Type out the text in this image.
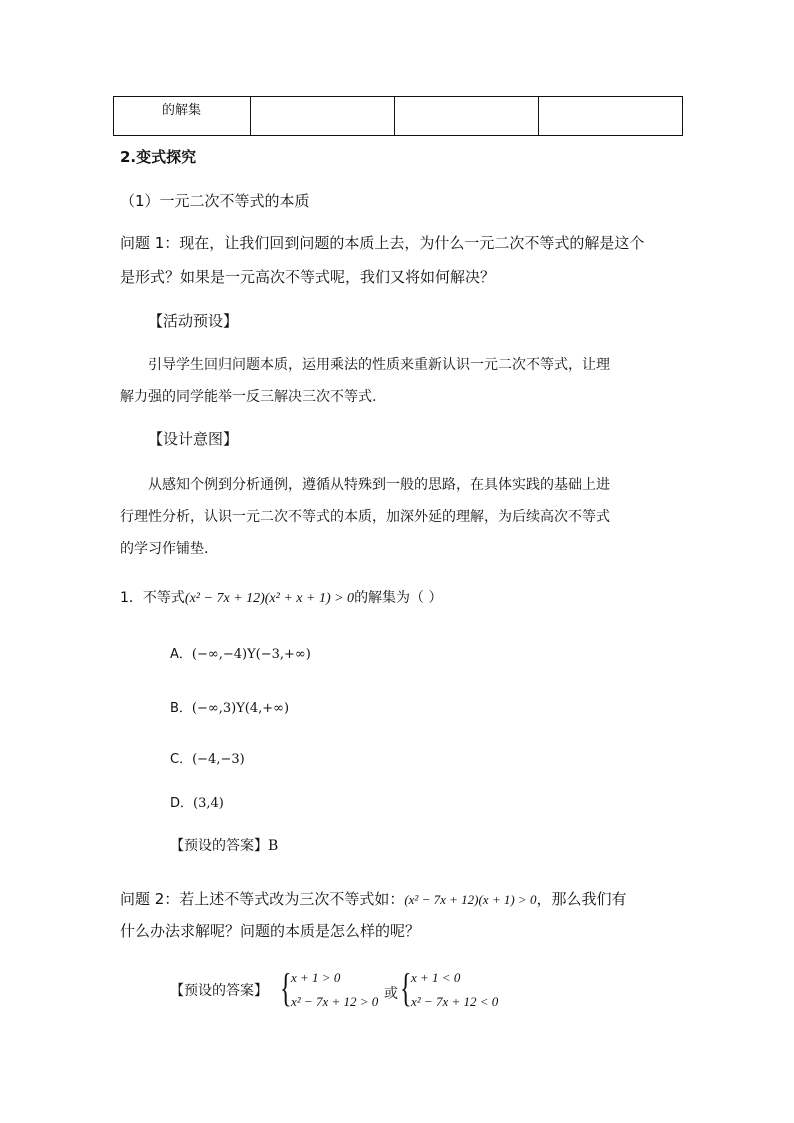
的解集

2.变式探究
（1）一元二次不等式的本质
问题 1：现在，让我们回到问题的本质上去，为什么一元二次不等式的解是这个
是形式？如果是一元高次不等式呢，我们又将如何解决？
【活动预设】
引导学生回归问题本质，运用乘法的性质来重新认识一元二次不等式，让理
解力强的同学能举一反三解决三次不等式.
【设计意图】
从感知个例到分析通例，遵循从特殊到一般的思路，在具体实践的基础上进
行理性分析，认识一元二次不等式的本质，加深外延的理解，为后续高次不等式
的学习作铺垫.
1．不等式(x² − 7x + 12)(x² + x + 1) > 0的解集为（ ）
A．(−∞,−4)Y(−3,+∞)
B．(−∞,3)Y(4,+∞)
C．(−4,−3)
D．(3,4)
【预设的答案】B
问题 2：若上述不等式改为三次不等式如：(x² − 7x + 12)(x + 1) > 0，那么我们有
什么办法求解呢？问题的本质是怎么样的呢？
【预设的答案】 { x + 1 > 0
x² − 7x + 12 > 0 或 { x + 1 < 0
x² − 7x + 12 < 0
